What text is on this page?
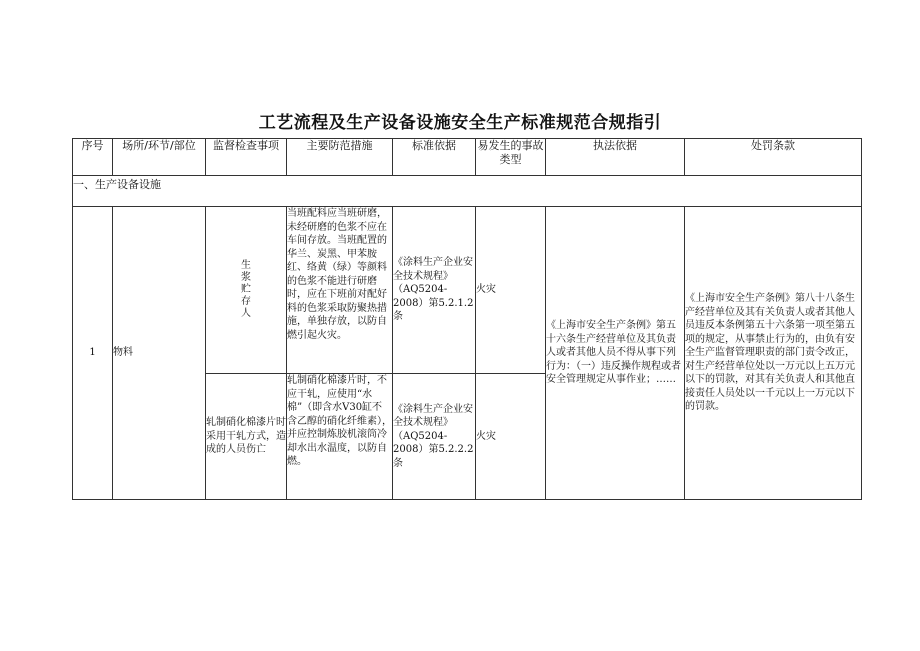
工艺流程及生产设备设施安全生产标准规范合规指引
序号	场所/环节/部位	监督检查事项	主要防范措施	标准依据	易发生的事故类型	执法依据	处罚条款
一、生产设备设施							
1	物料	生浆贮存人	当班配料应当班研磨，未经研磨的色浆不应在车间存放。当班配置的华兰、炭黑、甲苯胺红、络黄（绿）等颜料的色浆不能进行研磨时，应在下班前对配好料的色浆采取防聚热措施，单独存放，以防自燃引起火灾。	《涂料生产企业安全技术规程》（AQ5204-2008）第5.2.1.2条	火灾	《上海市安全生产条例》第五十六条生产经营单位及其负责人或者其他人员不得从事下列行为：（一）违反操作规程或者安全管理规定从事作业；……	《上海市安全生产条例》第八十八条生产经营单位及其有关负责人或者其他人员违反本条例第五十六条第一项至第五项的规定，从事禁止行为的，由负有安全生产监督管理职责的部门责令改正，对生产经营单位处以一万元以上五万元以下的罚款，对其有关负责人和其他直接责任人员处以一千元以上一万元以下的罚款。
		轧制硝化棉漆片时采用干轧方式，造成的人员伤亡	轧制硝化棉漆片时，不应干轧，应使用“水棉”（即含水V30缸不含乙醇的硝化纤维素），并应控制炼胶机滚筒冷却水出水温度，以防自燃。	《涂料生产企业安全技术规程》（AQ5204-2008）第5.2.2.2条	火灾		
